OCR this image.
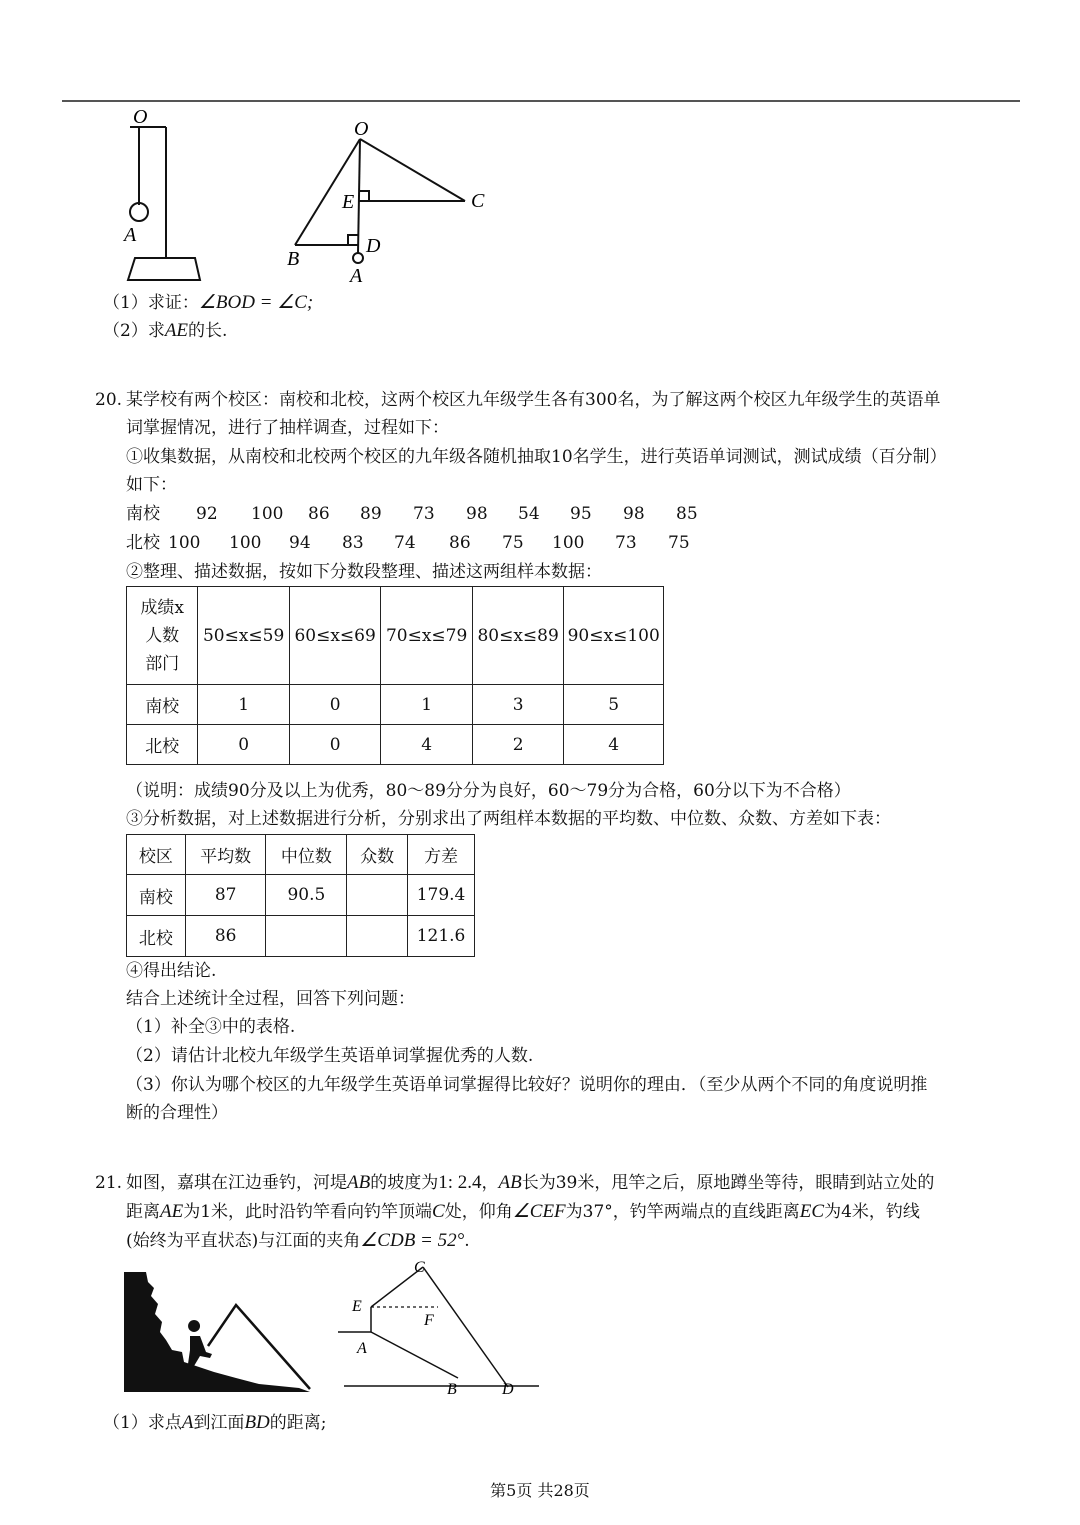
O
A
O
E	C
B
D
A
（1）求证：∠BOD = ∠C;
（2）求AE的长.
20. 某学校有两个校区：南校和北校，这两个校区九年级学生各有300名，为了解这两个校区九年级学生的英语单
词掌握情况，进行了抽样调查，过程如下：
①收集数据，从南校和北校两个校区的九年级各随机抽取10名学生，进行英语单词测试，测试成绩（百分制）
如下：
南校 92 100 86 89 73 98 54 95 98 85
北校 100 100 94 83 74 86 75 100 73 75
②整理、描述数据，按如下分数段整理、描述这两组样本数据：
成绩x
人数
部门	50≤x≤59	60≤x≤69	70≤x≤79	80≤x≤89	90≤x≤100
南校	1	0	1	3	5
北校	0	0	4	2	4
（说明：成绩90分及以上为优秀，80～89分分为良好，60～79分为合格，60分以下为不合格）
③分析数据，对上述数据进行分析，分别求出了两组样本数据的平均数、中位数、众数、方差如下表：
校区	平均数	中位数	众数	方差
南校	87	90.5		179.4
北校	86			121.6
④得出结论.
结合上述统计全过程，回答下列问题：
（1）补全③中的表格.
（2）请估计北校九年级学生英语单词掌握优秀的人数.
（3）你认为哪个校区的九年级学生英语单词掌握得比较好？说明你的理由．（至少从两个不同的角度说明推
断的合理性）
21. 如图，嘉琪在江边垂钓，河堤AB的坡度为1: 2.4，AB长为39米，甩竿之后，原地蹲坐等待，眼睛到站立处的
距离AE为1米，此时沿钓竿看向钓竿顶端C处，仰角∠CEF为37°，钓竿两端点的直线距离EC为4米，钓线
(始终为平直状态)与江面的夹角∠CDB = 52°.
C
E
F
A
B	D
（1）求点A到江面BD的距离;
第5页 共28页
